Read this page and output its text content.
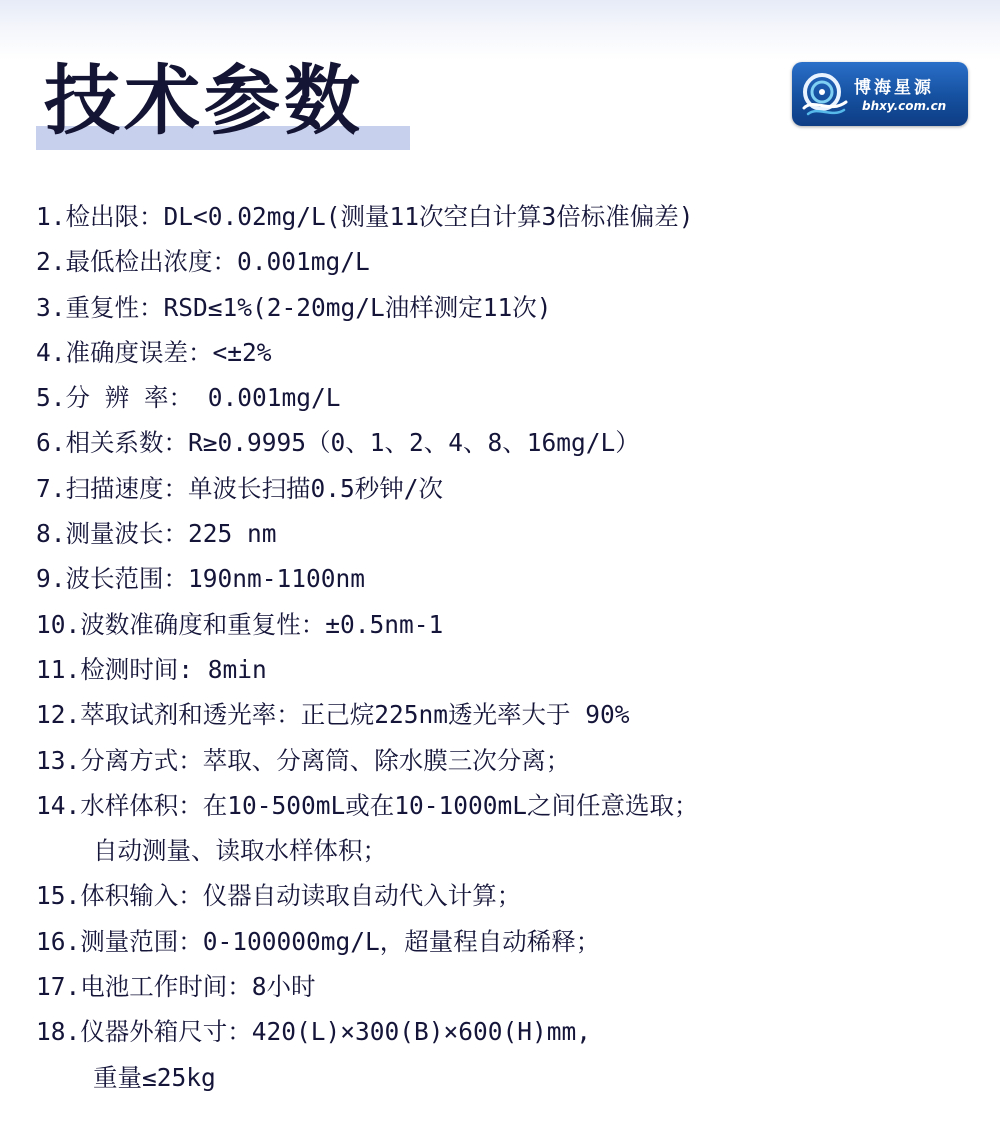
技术参数	博海星源
bhxy.com.cn
1.检出限：DL<0.02mg/L(测量11次空白计算3倍标准偏差)
2.最低检出浓度：0.001mg/L
3.重复性：RSD≤1%(2-20mg/L油样测定11次)
4.准确度误差：<±2%
5.分 辨 率： 0.001mg/L
6.相关系数：R≥0.9995（0、1、2、4、8、16mg/L）
7.扫描速度：单波长扫描0.5秒钟/次
8.测量波长：225 nm
9.波长范围：190nm-1100nm
10.波数准确度和重复性：±0.5nm-1
11.检测时间: 8min
12.萃取试剂和透光率：正己烷225nm透光率大于 90%
13.分离方式：萃取、分离筒、除水膜三次分离；
14.水样体积：在10-500mL或在10-1000mL之间任意选取；
自动测量、读取水样体积；
15.体积输入：仪器自动读取自动代入计算；
16.测量范围：0-100000mg/L，超量程自动稀释；
17.电池工作时间：8小时
18.仪器外箱尺寸：420(L)×300(B)×600(H)mm,
重量≤25kg
